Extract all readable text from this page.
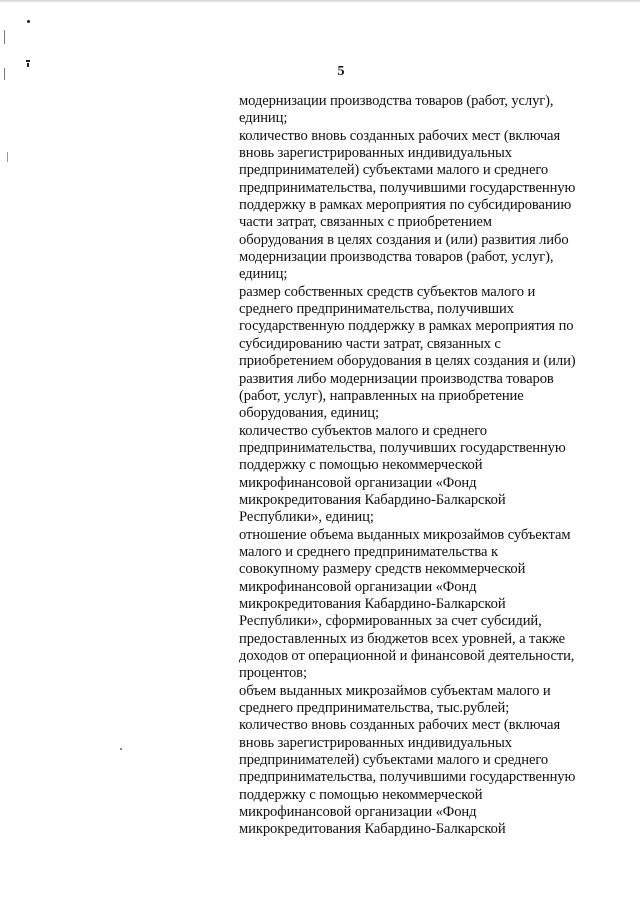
5
модернизации производства товаров (работ, услуг),
единиц;
количество вновь созданных рабочих мест (включая
вновь зарегистрированных индивидуальных
предпринимателей) субъектами малого и среднего
предпринимательства, получившими государственную
поддержку в рамках мероприятия по субсидированию
части затрат, связанных с приобретением
оборудования в целях создания и (или) развития либо
модернизации производства товаров (работ, услуг),
единиц;
размер собственных средств субъектов малого и
среднего предпринимательства, получивших
государственную поддержку в рамках мероприятия по
субсидированию части затрат, связанных с
приобретением оборудования в целях создания и (или)
развития либо модернизации производства товаров
(работ, услуг), направленных на приобретение
оборудования, единиц;
количество субъектов малого и среднего
предпринимательства, получивших государственную
поддержку с помощью некоммерческой
микрофинансовой организации «Фонд
микрокредитования Кабардино-Балкарской
Республики», единиц;
отношение объема выданных микрозаймов субъектам
малого и среднего предпринимательства к
совокупному размеру средств некоммерческой
микрофинансовой организации «Фонд
микрокредитования Кабардино-Балкарской
Республики», сформированных за счет субсидий,
предоставленных из бюджетов всех уровней, а также
доходов от операционной и финансовой деятельности,
процентов;
объем выданных микрозаймов субъектам малого и
среднего предпринимательства, тыс.рублей;
количество вновь созданных рабочих мест (включая
вновь зарегистрированных индивидуальных
предпринимателей) субъектами малого и среднего
предпринимательства, получившими государственную
поддержку с помощью некоммерческой
микрофинансовой организации «Фонд
микрокредитования Кабардино-Балкарской
